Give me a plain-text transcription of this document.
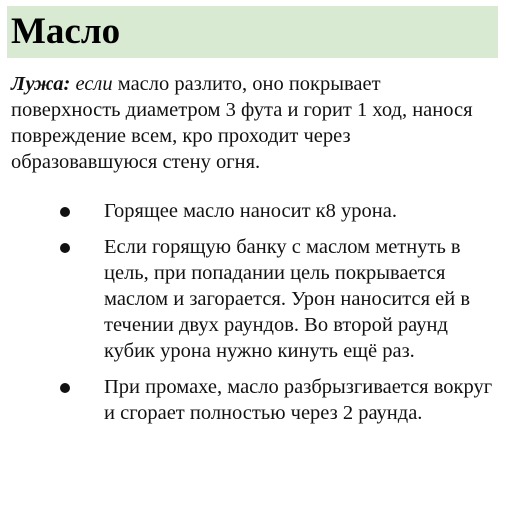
Масло

Лужа: если масло разлито, оно покрывает поверхность диаметром 3 фута и горит 1 ход, нанося повреждение всем, кро проходит через образовавшуюся стену огня.

Горящее масло наносит к8 урона.
Если горящую банку с маслом метнуть в цель, при попадании цель покрывается маслом и загорается. Урон наносится ей в течении двух раундов. Во второй раунд кубик урона нужно кинуть ещё раз.
При промахе, масло разбрызгивается вокруг и сгорает полностью через 2 раунда.
